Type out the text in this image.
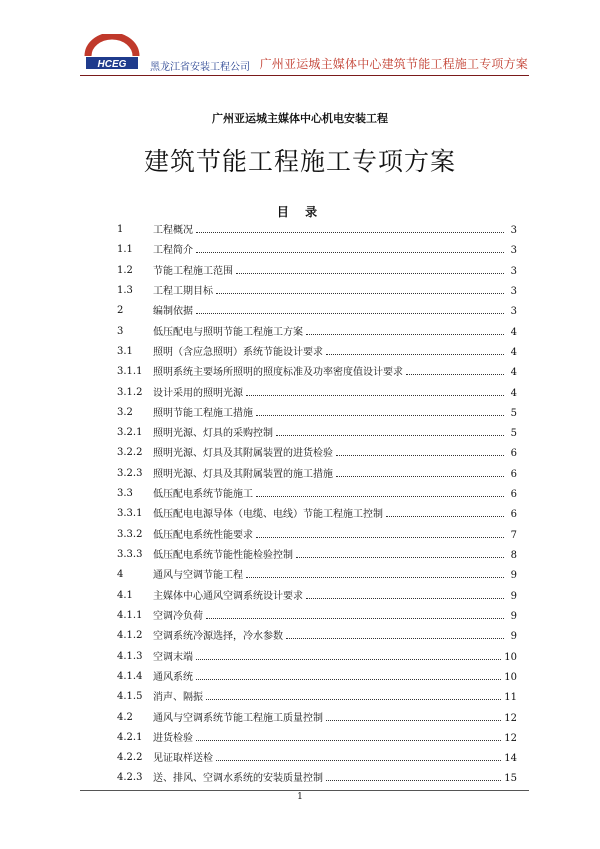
HCEG 黑龙江省安装工程公司 广州亚运城主媒体中心建筑节能工程施工专项方案
广州亚运城主媒体中心机电安装工程
建筑节能工程施工专项方案
目 录
1	工程概况	3
1.1	工程简介	3
1.2	节能工程施工范围	3
1.3	工程工期目标	3
2	编制依据	3
3	低压配电与照明节能工程施工方案	4
3.1	照明（含应急照明）系统节能设计要求	4
3.1.1	照明系统主要场所照明的照度标准及功率密度值设计要求	4
3.1.2	设计采用的照明光源	4
3.2	照明节能工程施工措施	5
3.2.1	照明光源、灯具的采购控制	5
3.2.2	照明光源、灯具及其附属装置的进货检验	6
3.2.3	照明光源、灯具及其附属装置的施工措施	6
3.3	低压配电系统节能施工	6
3.3.1	低压配电电源导体（电缆、电线）节能工程施工控制	6
3.3.2	低压配电系统性能要求	7
3.3.3	低压配电系统节能性能检验控制	8
4	通风与空调节能工程	9
4.1	主媒体中心通风空调系统设计要求	9
4.1.1	空调冷负荷	9
4.1.2	空调系统冷源选择，冷水参数	9
4.1.3	空调末端	10
4.1.4	通风系统	10
4.1.5	消声、隔振	11
4.2	通风与空调系统节能工程施工质量控制	12
4.2.1	进货检验	12
4.2.2	见证取样送检	14
4.2.3	送、排风、空调水系统的安装质量控制	15
1
